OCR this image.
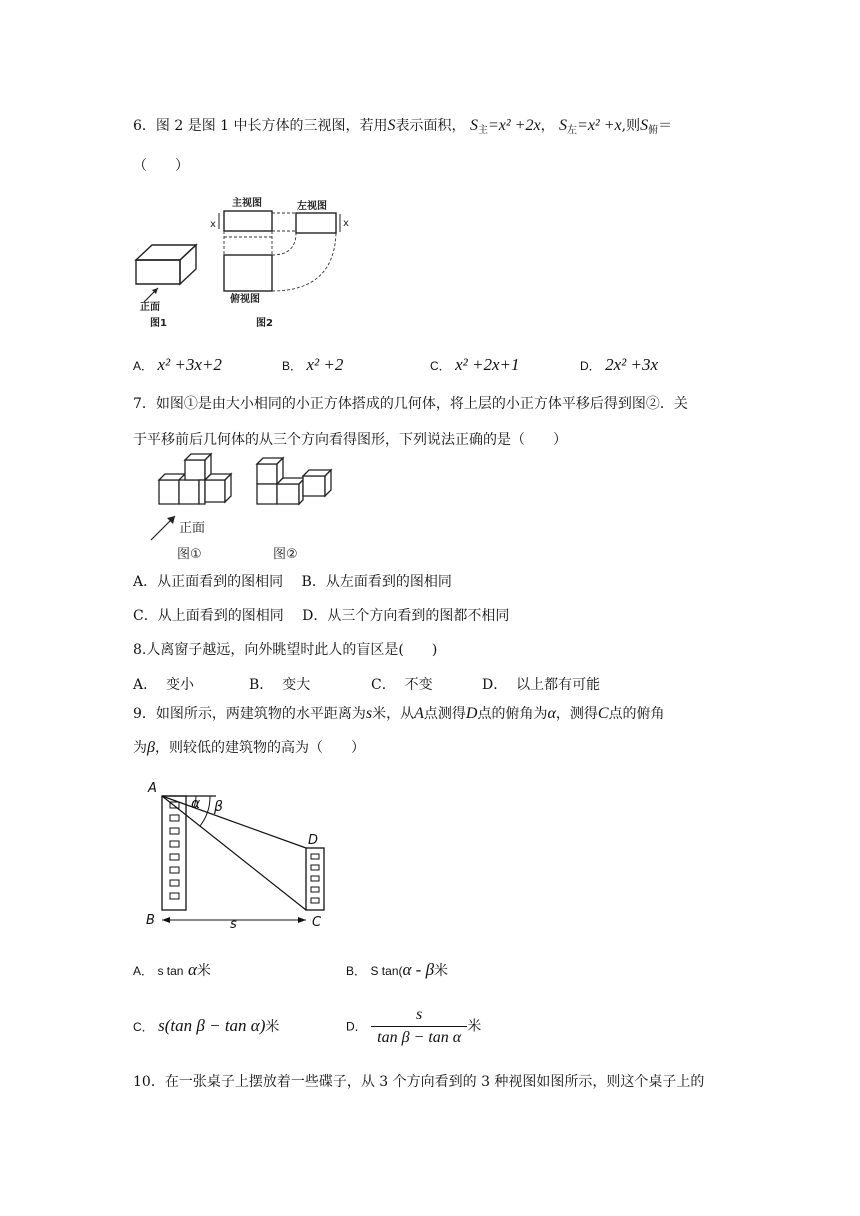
6．图 2 是图 1 中长方体的三视图，若用S表示面积， $S_主=x^2 +2x$， $S_左=x^2 +x$,则$S_俯=$
（　　）
正面
图1
主视图
x
左视图
x
俯视图
图2
A． x² +3x+2	B． x² +2	C． x² +2x+1	D． 2x² +3x
7．如图①是由大小相同的小正方体搭成的几何体，将上层的小正方体平移后得到图②．关
于平移前后几何体的从三个方向看得图形，下列说法正确的是（　　）
正面
图①	图②
A．从正面看到的图相同　 B．从左面看到的图相同
C．从上面看到的图相同　 D．从三个方向看到的图都不相同
8.人离窗子越远，向外眺望时此人的盲区是(　　)
A． 变小	B． 变大	C． 不变	D． 以上都有可能
9．如图所示，两建筑物的水平距离为s米，从A点测得D点的俯角为α，测得C点的俯角
为β，则较低的建筑物的高为（　　）
A
B	C
D
s
α β
A． s tan α米	B． S tan(α - β米
C． s(tan β − tan α)米	D． $\frac{s}{\text{tan β − tan α}}$ 米
10．在一张桌子上摆放着一些碟子，从 3 个方向看到的 3 种视图如图所示，则这个桌子上的
